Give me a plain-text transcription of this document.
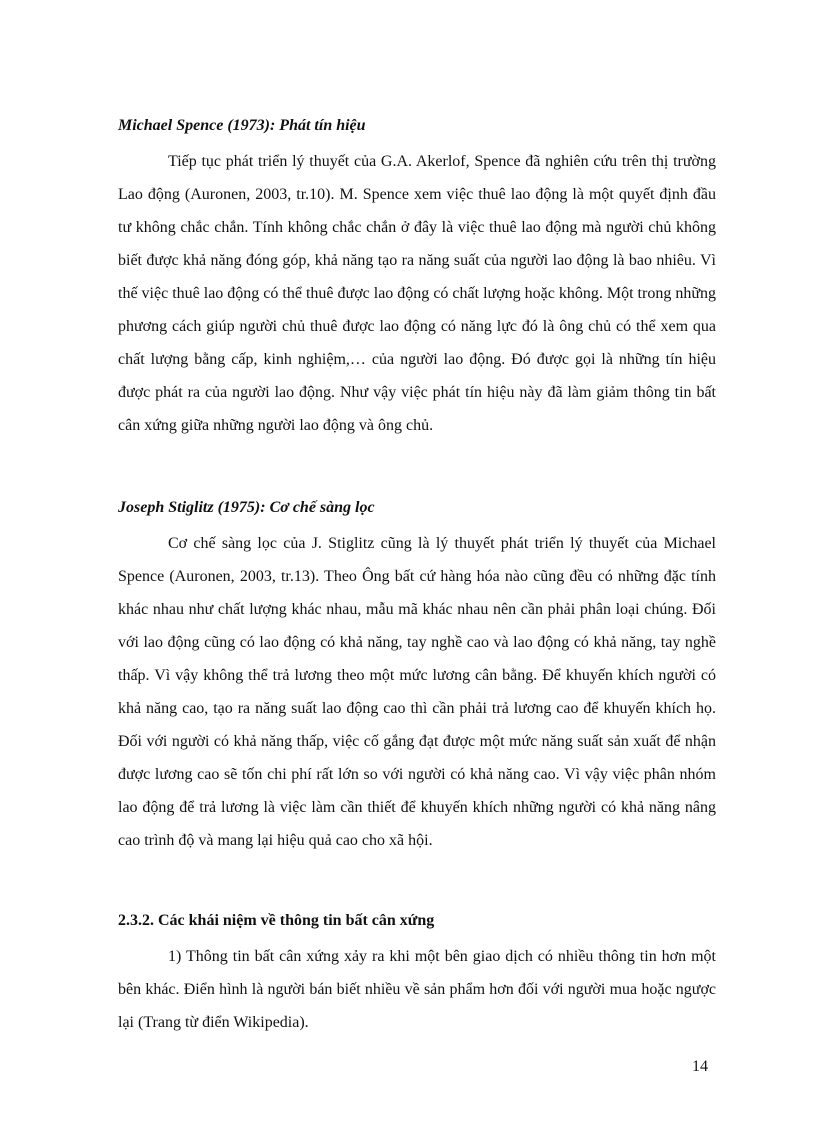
Michael Spence (1973): Phát tín hiệu

Tiếp tục phát triển lý thuyết của G.A. Akerlof, Spence đã nghiên cứu trên thị trường Lao động (Auronen, 2003, tr.10). M. Spence xem việc thuê lao động là một quyết định đầu tư không chắc chắn. Tính không chắc chắn ở đây là việc thuê lao động mà người chủ không biết được khả năng đóng góp, khả năng tạo ra năng suất của người lao động là bao nhiêu. Vì thế việc thuê lao động có thể thuê được lao động có chất lượng hoặc không. Một trong những phương cách giúp người chủ thuê được lao động có năng lực đó là ông chủ có thể xem qua chất lượng bằng cấp, kinh nghiệm,… của người lao động. Đó được gọi là những tín hiệu được phát ra của người lao động. Như vậy việc phát tín hiệu này đã làm giảm thông tin bất cân xứng giữa những người lao động và ông chủ.

Joseph Stiglitz (1975): Cơ chế sàng lọc

Cơ chế sàng lọc của J. Stiglitz cũng là lý thuyết phát triển lý thuyết của Michael Spence (Auronen, 2003, tr.13). Theo Ông bất cứ hàng hóa nào cũng đều có những đặc tính khác nhau như chất lượng khác nhau, mẫu mã khác nhau nên cần phải phân loại chúng. Đối với lao động cũng có lao động có khả năng, tay nghề cao và lao động có khả năng, tay nghề thấp. Vì vậy không thể trả lương theo một mức lương cân bằng. Để khuyến khích người có khả năng cao, tạo ra năng suất lao động cao thì cần phải trả lương cao để khuyến khích họ. Đối với người có khả năng thấp, việc cố gắng đạt được một mức năng suất sản xuất để nhận được lương cao sẽ tốn chi phí rất lớn so với người có khả năng cao. Vì vậy việc phân nhóm lao động để trả lương là việc làm cần thiết để khuyến khích những người có khả năng nâng cao trình độ và mang lại hiệu quả cao cho xã hội.

2.3.2. Các khái niệm về thông tin bất cân xứng

1) Thông tin bất cân xứng xảy ra khi một bên giao dịch có nhiều thông tin hơn một bên khác. Điển hình là người bán biết nhiều về sản phẩm hơn đối với người mua hoặc ngược lại (Trang từ điển Wikipedia).

14
